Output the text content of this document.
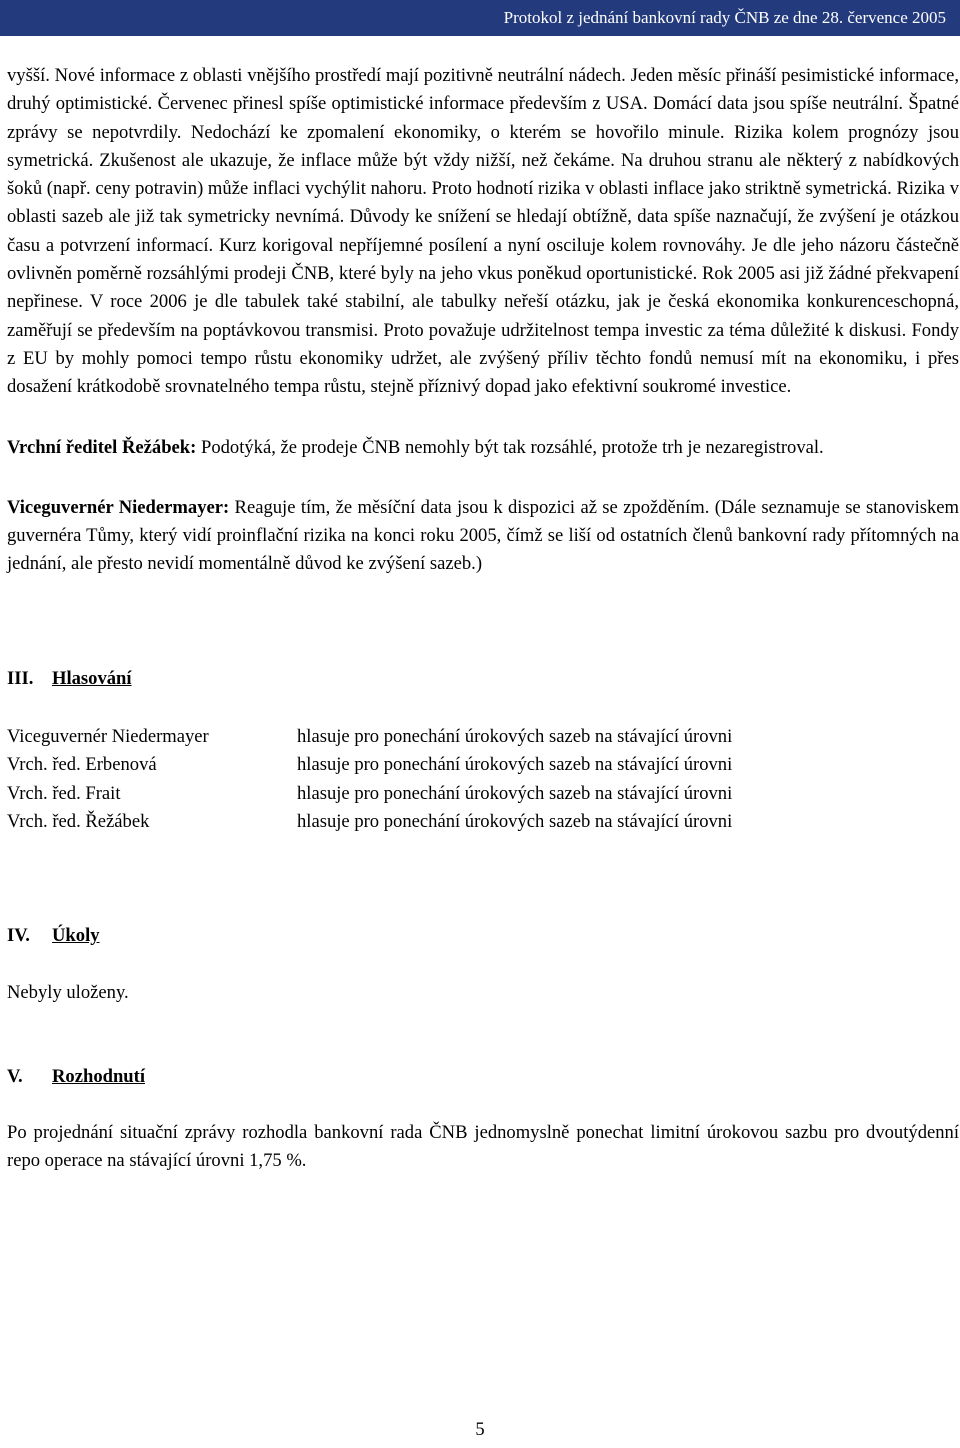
Protokol z jednání bankovní rady ČNB ze dne 28. července 2005

vyšší. Nové informace z oblasti vnějšího prostředí mají pozitivně neutrální nádech. Jeden měsíc přináší pesimistické informace, druhý optimistické. Červenec přinesl spíše optimistické informace především z USA. Domácí data jsou spíše neutrální. Špatné zprávy se nepotvrdily. Nedochází ke zpomalení ekonomiky, o kterém se hovořilo minule. Rizika kolem prognózy jsou symetrická. Zkušenost ale ukazuje, že inflace může být vždy nižší, než čekáme. Na druhou stranu ale některý z nabídkových šoků (např. ceny potravin) může inflaci vychýlit nahoru. Proto hodnotí rizika v oblasti inflace jako striktně symetrická. Rizika v oblasti sazeb ale již tak symetricky nevnímá. Důvody ke snížení se hledají obtížně, data spíše naznačují, že zvýšení je otázkou času a potvrzení informací. Kurz korigoval nepříjemné posílení a nyní osciluje kolem rovnováhy. Je dle jeho názoru částečně ovlivněn poměrně rozsáhlými prodeji ČNB, které byly na jeho vkus poněkud oportunistické. Rok 2005 asi již žádné překvapení nepřinese. V roce 2006 je dle tabulek také stabilní, ale tabulky neřeší otázku, jak je česká ekonomika konkurenceschopná, zaměřují se především na poptávkovou transmisi. Proto považuje udržitelnost tempa investic za téma důležité k diskusi. Fondy z EU by mohly pomoci tempo růstu ekonomiky udržet, ale zvýšený příliv těchto fondů nemusí mít na ekonomiku, i přes dosažení krátkodobě srovnatelného tempa růstu, stejně příznivý dopad jako efektivní soukromé investice.

Vrchní ředitel Řežábek: Podotýká, že prodeje ČNB nemohly být tak rozsáhlé, protože trh je nezaregistroval.

Viceguvernér Niedermayer: Reaguje tím, že měsíční data jsou k dispozici až se zpožděním. (Dále seznamuje se stanoviskem guvernéra Tůmy, který vidí proinflační rizika na konci roku 2005, čímž se liší od ostatních členů bankovní rady přítomných na jednání, ale přesto nevidí momentálně důvod ke zvýšení sazeb.)

III. Hlasování
Viceguvernér Niedermayer	hlasuje pro ponechání úrokových sazeb na stávající úrovni
Vrch. řed. Erbenová	hlasuje pro ponechání úrokových sazeb na stávající úrovni
Vrch. řed. Frait	hlasuje pro ponechání úrokových sazeb na stávající úrovni
Vrch. řed. Řežábek	hlasuje pro ponechání úrokových sazeb na stávající úrovni
IV. Úkoly

Nebyly uloženy.

V. Rozhodnutí

Po projednání situační zprávy rozhodla bankovní rada ČNB jednomyslně ponechat limitní úrokovou sazbu pro dvoutýdenní repo operace na stávající úrovni 1,75 %.

5
